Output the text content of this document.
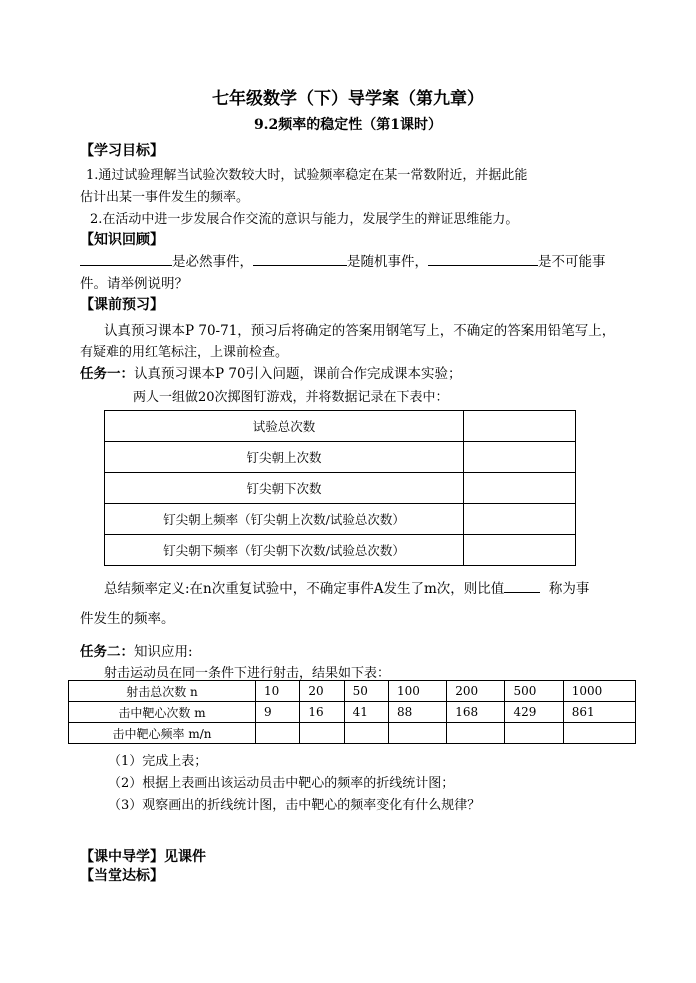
七年级数学（下）导学案（第九章）
9.2频率的稳定性（第1课时）
【学习目标】
1.通过试验理解当试验次数较大时，试验频率稳定在某一常数附近，并据此能
估计出某一事件发生的频率。
2.在活动中进一步发展合作交流的意识与能力，发展学生的辩证思维能力。
【知识回顾】
是必然事件，	是随机事件，	是不可能事
件。请举例说明？
【课前预习】
认真预习课本P 70-71，预习后将确定的答案用钢笔写上，不确定的答案用铅笔写上，
有疑难的用红笔标注，上课前检查。
任务一：认真预习课本P 70引入问题，课前合作完成课本实验；
两人一组做20次掷图钉游戏，并将数据记录在下表中：
试验总次数	
钉尖朝上次数	
钉尖朝下次数	
钉尖朝上频率（钉尖朝上次数/试验总次数）	
钉尖朝下频率（钉尖朝下次数/试验总次数）	
总结频率定义:在n次重复试验中，不确定事件A发生了m次，则比值	称为事
件发生的频率。
任务二：知识应用:
射击运动员在同一条件下进行射击，结果如下表：
射击总次数 n	10	20	50	100	200	500	1000
击中靶心次数 m	9	16	41	88	168	429	861
击中靶心频率 m/n							
（1）完成上表；
（2）根据上表画出该运动员击中靶心的频率的折线统计图；
（3）观察画出的折线统计图，击中靶心的频率变化有什么规律？
【课中导学】见课件
【当堂达标】
